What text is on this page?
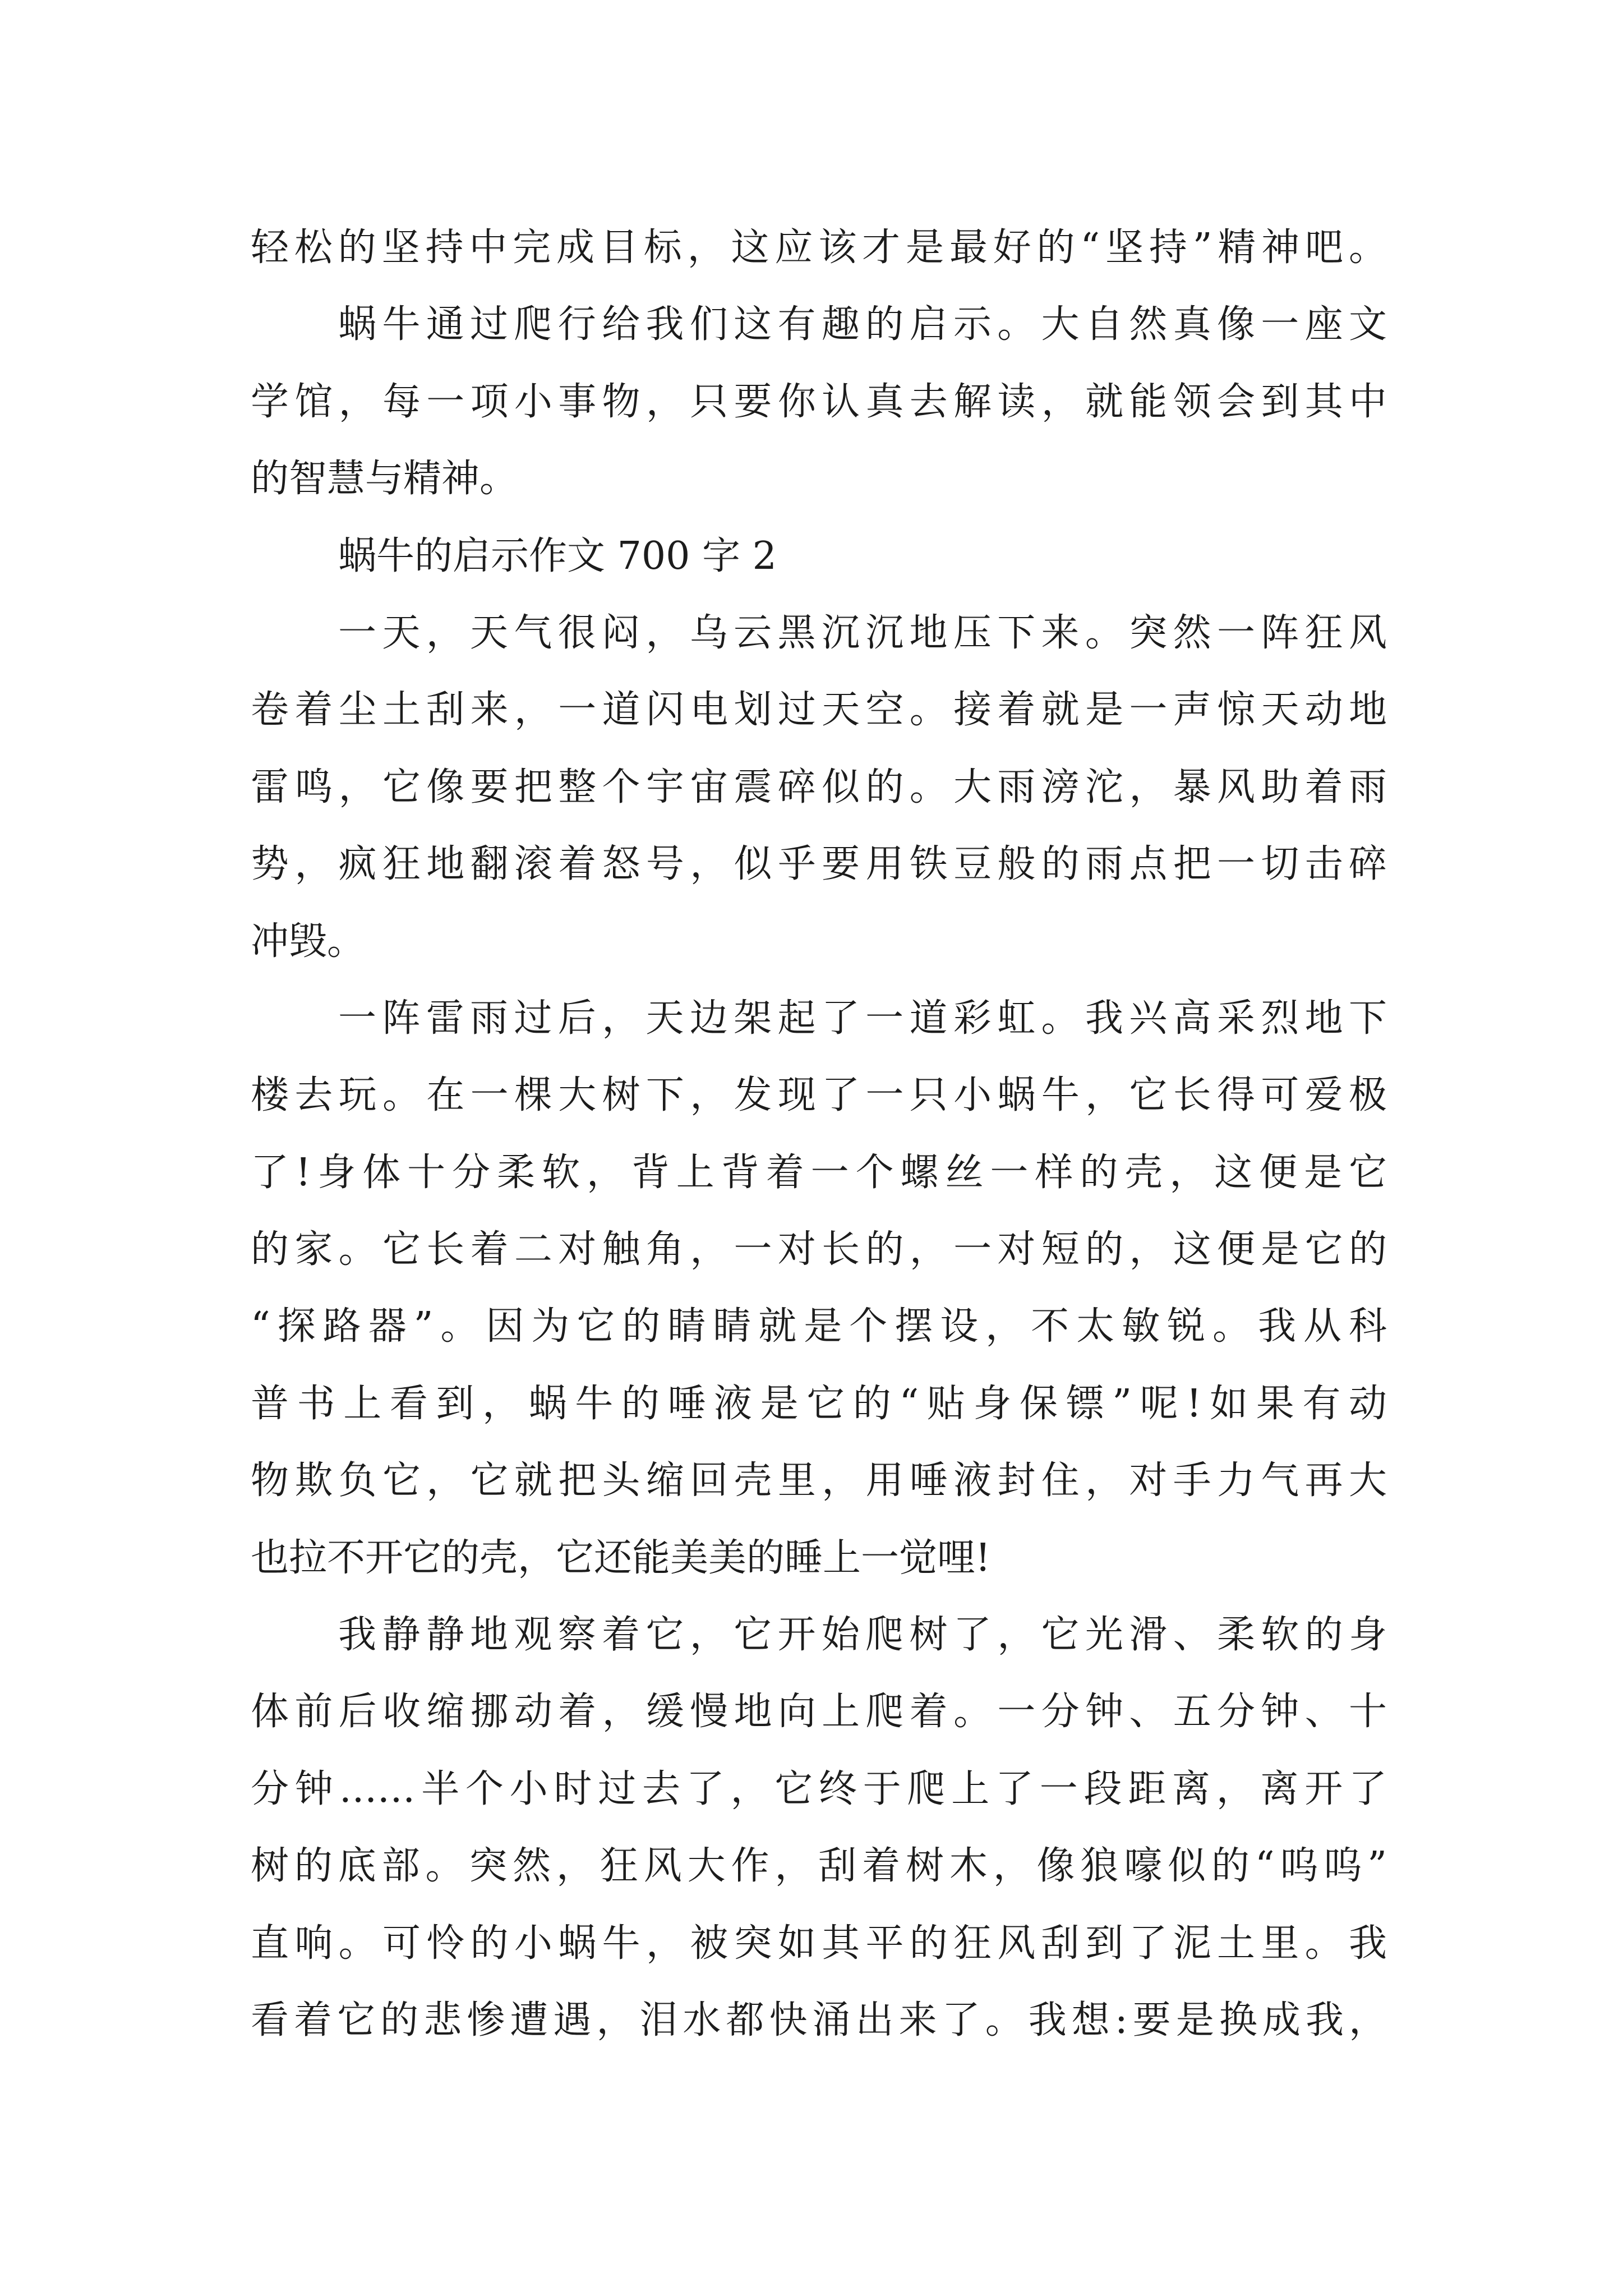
轻松的坚持中完成目标，这应该才是最好的“坚持”精神吧。
蜗牛通过爬行给我们这有趣的启示。大自然真像一座文
学馆，每一项小事物，只要你认真去解读，就能领会到其中
的智慧与精神。
蜗牛的启示作文 700 字 2
一天，天气很闷，乌云黑沉沉地压下来。突然一阵狂风
卷着尘土刮来，一道闪电划过天空。接着就是一声惊天动地
雷鸣，它像要把整个宇宙震碎似的。大雨滂沱，暴风助着雨
势，疯狂地翻滚着怒号，似乎要用铁豆般的雨点把一切击碎
冲毁。
一阵雷雨过后，天边架起了一道彩虹。我兴高采烈地下
楼去玩。在一棵大树下，发现了一只小蜗牛，它长得可爱极
了!身体十分柔软，背上背着一个螺丝一样的壳，这便是它
的家。它长着二对触角，一对长的，一对短的，这便是它的
“探路器”。因为它的睛睛就是个摆设，不太敏锐。我从科
普书上看到，蜗牛的唾液是它的“贴身保镖”呢!如果有动
物欺负它，它就把头缩回壳里，用唾液封住，对手力气再大
也拉不开它的壳，它还能美美的睡上一觉哩!
我静静地观察着它，它开始爬树了，它光滑、柔软的身
体前后收缩挪动着，缓慢地向上爬着。一分钟、五分钟、十
分钟……半个小时过去了，它终于爬上了一段距离，离开了
树的底部。突然，狂风大作，刮着树木，像狼嚎似的“呜呜”
直响。可怜的小蜗牛，被突如其平的狂风刮到了泥土里。我
看着它的悲惨遭遇，泪水都快涌出来了。我想:要是换成我，
